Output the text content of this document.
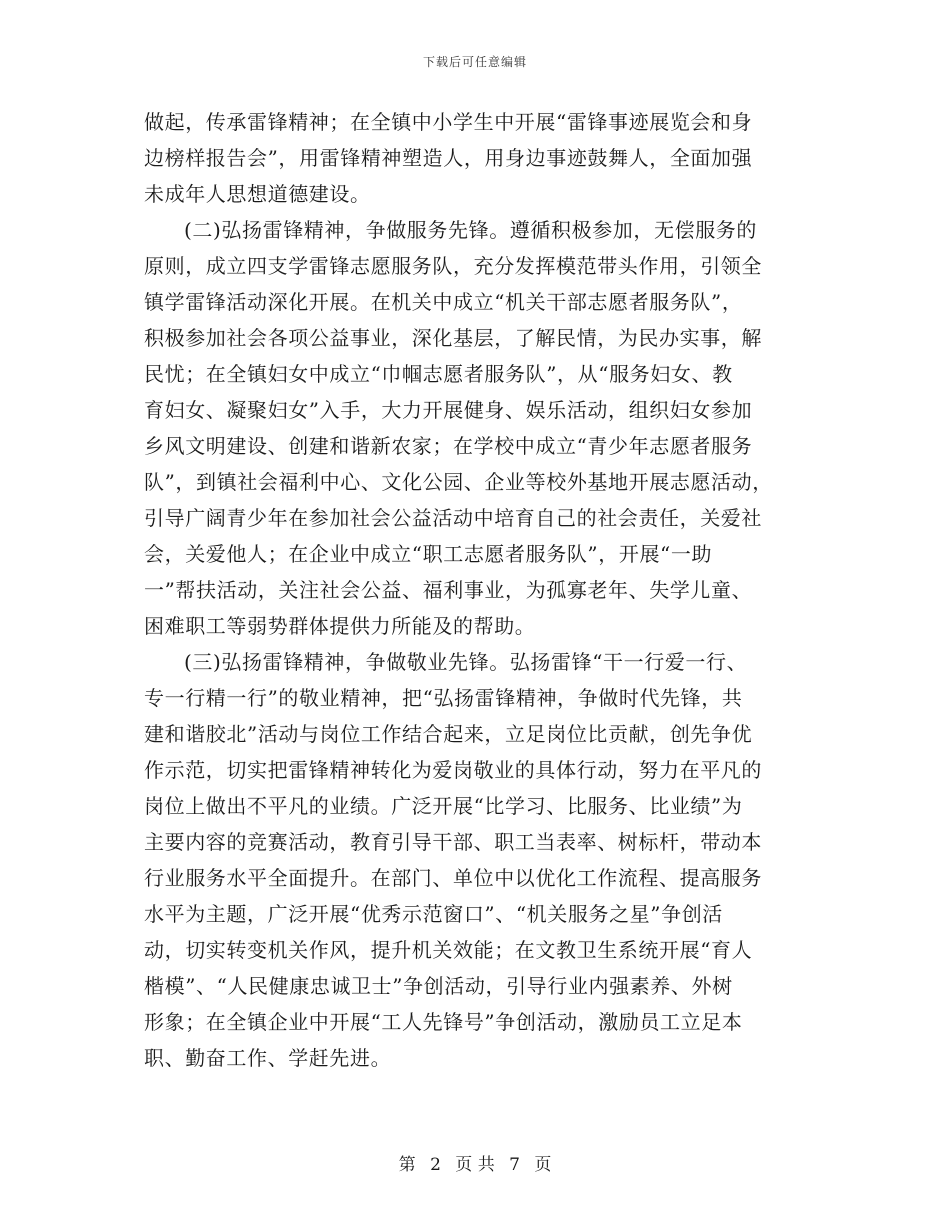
下载后可任意编辑
做起，传承雷锋精神；在全镇中小学生中开展“雷锋事迹展览会和身
边榜样报告会”，用雷锋精神塑造人，用身边事迹鼓舞人，全面加强
未成年人思想道德建设。
(二)弘扬雷锋精神，争做服务先锋。遵循积极参加，无偿服务的
原则，成立四支学雷锋志愿服务队，充分发挥模范带头作用，引领全
镇学雷锋活动深化开展。在机关中成立“机关干部志愿者服务队”，
积极参加社会各项公益事业，深化基层，了解民情，为民办实事，解
民忧；在全镇妇女中成立“巾帼志愿者服务队”，从“服务妇女、教
育妇女、凝聚妇女”入手，大力开展健身、娱乐活动，组织妇女参加
乡风文明建设、创建和谐新农家；在学校中成立“青少年志愿者服务
队”，到镇社会福利中心、文化公园、企业等校外基地开展志愿活动，
引导广阔青少年在参加社会公益活动中培育自己的社会责任，关爱社
会，关爱他人；在企业中成立“职工志愿者服务队”，开展“一助
一”帮扶活动，关注社会公益、福利事业，为孤寡老年、失学儿童、
困难职工等弱势群体提供力所能及的帮助。
(三)弘扬雷锋精神，争做敬业先锋。弘扬雷锋“干一行爱一行、
专一行精一行”的敬业精神，把“弘扬雷锋精神，争做时代先锋，共
建和谐胶北”活动与岗位工作结合起来，立足岗位比贡献，创先争优
作示范，切实把雷锋精神转化为爱岗敬业的具体行动，努力在平凡的
岗位上做出不平凡的业绩。广泛开展“比学习、比服务、比业绩”为
主要内容的竞赛活动，教育引导干部、职工当表率、树标杆，带动本
行业服务水平全面提升。在部门、单位中以优化工作流程、提高服务
水平为主题，广泛开展“优秀示范窗口”、“机关服务之星”争创活
动，切实转变机关作风，提升机关效能；在文教卫生系统开展“育人
楷模”、“人民健康忠诚卫士”争创活动，引导行业内强素养、外树
形象；在全镇企业中开展“工人先锋号”争创活动，激励员工立足本
职、勤奋工作、学赶先进。
第 2 页 共 7 页
